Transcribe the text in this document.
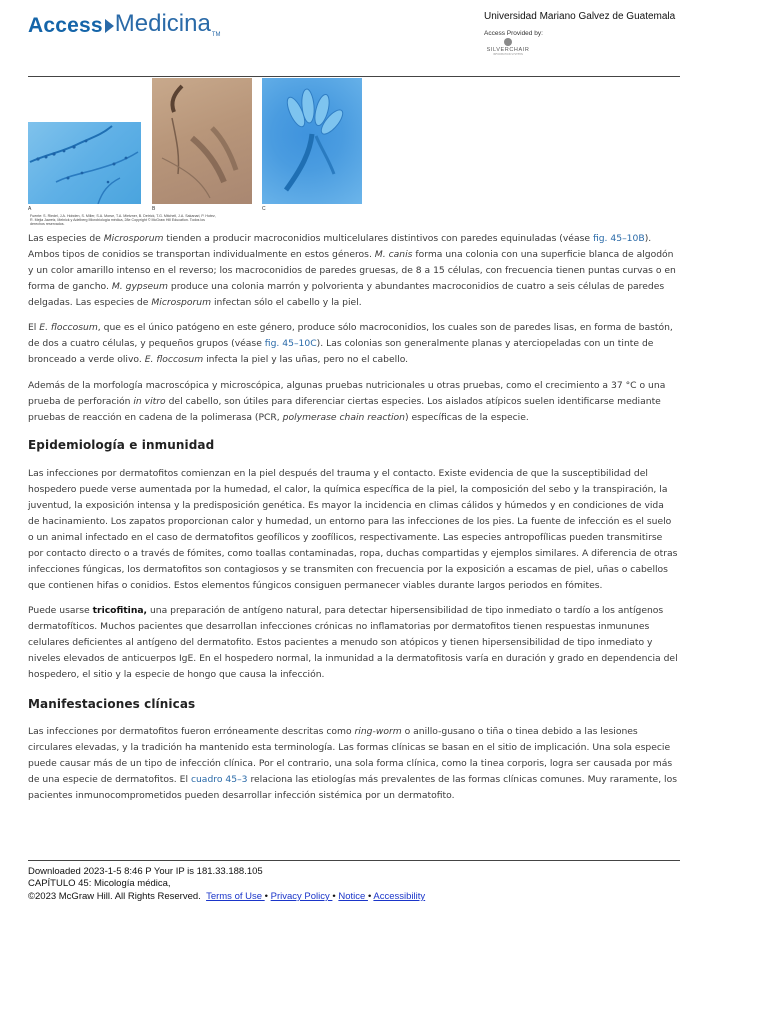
Access Medicina TM
Universidad Mariano Galvez de Guatemala
Access Provided by:
SILVERCHAIR
INFORMATION SYSTEMS
A	B	C
Fuente: S. Riedel, J.A. Hobden, S. Miller, S.A. Morse, T.A. Mietzner, B. Detrick, T.G. Mitchell, J.A. Sakanari, P. Hotez, R. Mejia Jawetz, Melnick y Adelberg Microbiología médica, 28e Copyright © McGraw Hill Education. Todos los derechos reservados.

Las especies de Microsporum tienden a producir macroconidios multicelulares distintivos con paredes equinuladas (véase fig. 45–10B). Ambos tipos de conidios se transportan individualmente en estos géneros. M. canis forma una colonia con una superficie blanca de algodón y un color amarillo intenso en el reverso; los macroconidios de paredes gruesas, de 8 a 15 células, con frecuencia tienen puntas curvas o en forma de gancho. M. gypseum produce una colonia marrón y polvorienta y abundantes macroconidios de cuatro a seis células de paredes delgadas. Las especies de Microsporum infectan sólo el cabello y la piel.

El E. floccosum, que es el único patógeno en este género, produce sólo macroconidios, los cuales son de paredes lisas, en forma de bastón, de dos a cuatro células, y pequeños grupos (véase fig. 45–10C). Las colonias son generalmente planas y aterciopeladas con un tinte de bronceado a verde olivo. E. floccosum infecta la piel y las uñas, pero no el cabello.

Además de la morfología macroscópica y microscópica, algunas pruebas nutricionales u otras pruebas, como el crecimiento a 37 °C o una prueba de perforación in vitro del cabello, son útiles para diferenciar ciertas especies. Los aislados atípicos suelen identificarse mediante pruebas de reacción en cadena de la polimerasa (PCR, polymerase chain reaction) específicas de la especie.

Epidemiología e inmunidad

Las infecciones por dermatofitos comienzan en la piel después del trauma y el contacto. Existe evidencia de que la susceptibilidad del hospedero puede verse aumentada por la humedad, el calor, la química específica de la piel, la composición del sebo y la transpiración, la juventud, la exposición intensa y la predisposición genética. Es mayor la incidencia en climas cálidos y húmedos y en condiciones de vida de hacinamiento. Los zapatos proporcionan calor y humedad, un entorno para las infecciones de los pies. La fuente de infección es el suelo o un animal infectado en el caso de dermatofitos geofílicos y zoofílicos, respectivamente. Las especies antropofílicas pueden transmitirse por contacto directo o a través de fómites, como toallas contaminadas, ropa, duchas compartidas y ejemplos similares. A diferencia de otras infecciones fúngicas, los dermatofitos son contagiosos y se transmiten con frecuencia por la exposición a escamas de piel, uñas o cabellos que contienen hifas o conidios. Estos elementos fúngicos consiguen permanecer viables durante largos periodos en fómites.

Puede usarse tricofitina, una preparación de antígeno natural, para detectar hipersensibilidad de tipo inmediato o tardío a los antígenos dermatofíticos. Muchos pacientes que desarrollan infecciones crónicas no inflamatorias por dermatofitos tienen respuestas inmununes celulares deficientes al antígeno del dermatofito. Estos pacientes a menudo son atópicos y tienen hipersensibilidad de tipo inmediato y niveles elevados de anticuerpos IgE. En el hospedero normal, la inmunidad a la dermatofitosis varía en duración y grado en dependencia del hospedero, el sitio y la especie de hongo que causa la infección.

Manifestaciones clínicas

Las infecciones por dermatofitos fueron erróneamente descritas como ring-worm o anillo-gusano o tiña o tinea debido a las lesiones circulares elevadas, y la tradición ha mantenido esta terminología. Las formas clínicas se basan en el sitio de implicación. Una sola especie puede causar más de un tipo de infección clínica. Por el contrario, una sola forma clínica, como la tinea corporis, logra ser causada por más de una especie de dermatofitos. El cuadro 45–3 relaciona las etiologías más prevalentes de las formas clínicas comunes. Muy raramente, los pacientes inmunocomprometidos pueden desarrollar infección sistémica por un dermatofito.

Downloaded 2023-1-5 8:46 P Your IP is 181.33.188.105
CAPÍTULO 45: Micología médica,
©2023 McGraw Hill. All Rights Reserved. Terms of Use • Privacy Policy • Notice • Accessibility
